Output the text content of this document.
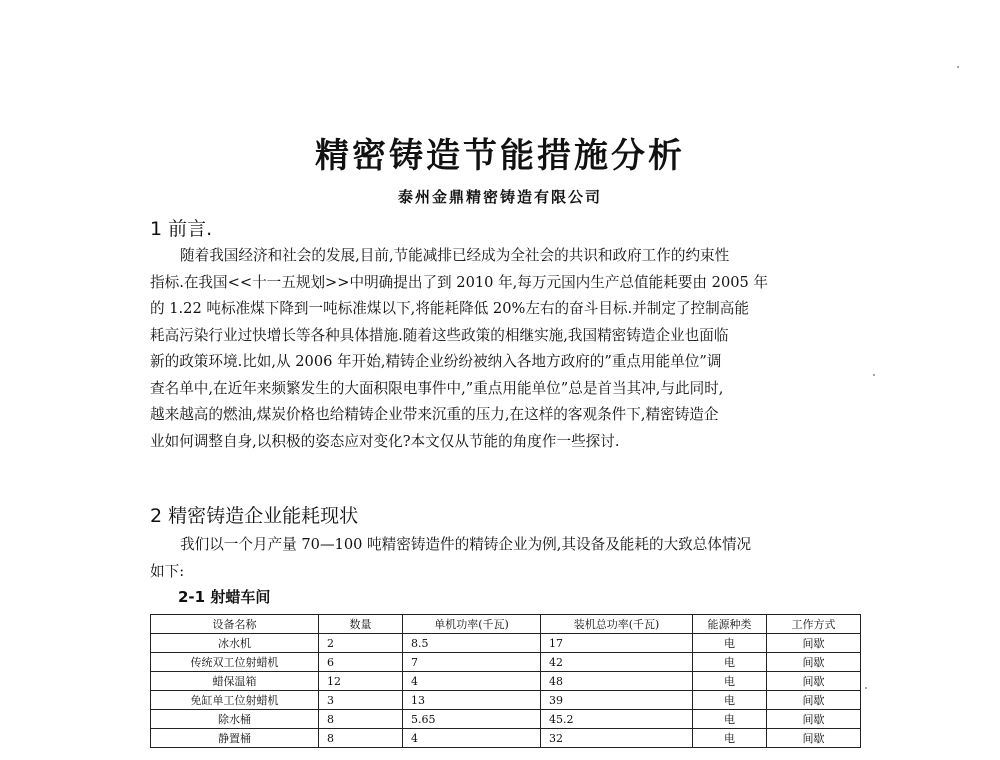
精密铸造节能措施分析
泰州金鼎精密铸造有限公司
1 前言.
随着我国经济和社会的发展,目前,节能减排已经成为全社会的共识和政府工作的约束性
指标.在我国<<十一五规划>>中明确提出了到 2010 年,每万元国内生产总值能耗要由 2005 年
的 1.22 吨标准煤下降到一吨标准煤以下,将能耗降低 20%左右的奋斗目标.并制定了控制高能
耗高污染行业过快增长等各种具体措施.随着这些政策的相继实施,我国精密铸造企业也面临
新的政策环境.比如,从 2006 年开始,精铸企业纷纷被纳入各地方政府的”重点用能单位”调
查名单中,在近年来频繁发生的大面积限电事件中,”重点用能单位”总是首当其冲,与此同时,
越来越高的燃油,煤炭价格也给精铸企业带来沉重的压力,在这样的客观条件下,精密铸造企
业如何调整自身,以积极的姿态应对变化?本文仅从节能的角度作一些探讨.
2 精密铸造企业能耗现状
我们以一个月产量 70—100 吨精密铸造件的精铸企业为例,其设备及能耗的大致总体情况
如下:
2-1 射蜡车间
设备名称	数量	单机功率(千瓦)	装机总功率(千瓦)	能源种类	工作方式
冰水机	2	8.5	17	电	间歇
传统双工位射蜡机	6	7	42	电	间歇
蜡保温箱	12	4	48	电	间歇
免缸单工位射蜡机	3	13	39	电	间歇
除水桶	8	5.65	45.2	电	间歇
静置桶	8	4	32	电	间歇
